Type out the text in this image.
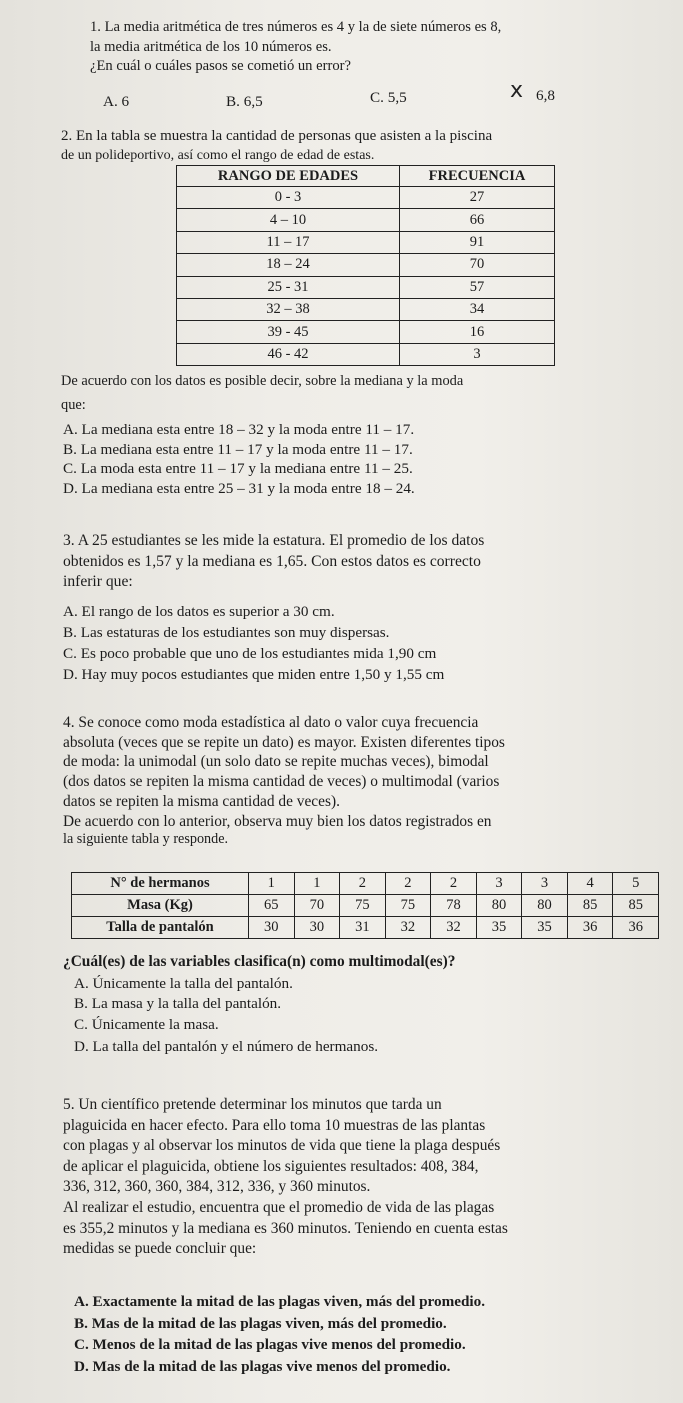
1. La media aritmética de tres números es 4 y la de siete números es 8,
la media aritmética de los 10 números es.
¿En cuál o cuáles pasos se cometió un error?
A. 6	B. 6,5	C. 5,5	ⅹ 6,8
2. En la tabla se muestra la cantidad de personas que asisten a la piscina
de un polideportivo, así como el rango de edad de estas.
RANGO DE EDADES	FRECUENCIA
0 - 3	27
4 – 10	66
11 – 17	91
18 – 24	70
25 - 31	57
32 – 38	34
39 - 45	16
46 - 42	3
De acuerdo con los datos es posible decir, sobre la mediana y la moda
que:
A. La mediana esta entre 18 – 32 y la moda entre 11 – 17.
B. La mediana esta entre 11 – 17 y la moda entre 11 – 17.
C. La moda esta entre 11 – 17 y la mediana entre 11 – 25.
D. La mediana esta entre 25 – 31 y la moda entre 18 – 24.
3. A 25 estudiantes se les mide la estatura. El promedio de los datos
obtenidos es 1,57 y la mediana es 1,65. Con estos datos es correcto
inferir que:
A. El rango de los datos es superior a 30 cm.
B. Las estaturas de los estudiantes son muy dispersas.
C. Es poco probable que uno de los estudiantes mida 1,90 cm
D. Hay muy pocos estudiantes que miden entre 1,50 y 1,55 cm
4. Se conoce como moda estadística al dato o valor cuya frecuencia
absoluta (veces que se repite un dato) es mayor. Existen diferentes tipos
de moda: la unimodal (un solo dato se repite muchas veces), bimodal
(dos datos se repiten la misma cantidad de veces) o multimodal (varios
datos se repiten la misma cantidad de veces).
De acuerdo con lo anterior, observa muy bien los datos registrados en
la siguiente tabla y responde.
N° de hermanos	1	1	2	2	2	3	3	4	5
Masa (Kg)	65	70	75	75	78	80	80	85	85
Talla de pantalón	30	30	31	32	32	35	35	36	36
¿Cuál(es) de las variables clasifica(n) como multimodal(es)?
A. Únicamente la talla del pantalón.
B. La masa y la talla del pantalón.
C. Únicamente la masa.
D. La talla del pantalón y el número de hermanos.
5. Un científico pretende determinar los minutos que tarda un
plaguicida en hacer efecto. Para ello toma 10 muestras de las plantas
con plagas y al observar los minutos de vida que tiene la plaga después
de aplicar el plaguicida, obtiene los siguientes resultados: 408, 384,
336, 312, 360, 360, 384, 312, 336, y 360 minutos.
Al realizar el estudio, encuentra que el promedio de vida de las plagas
es 355,2 minutos y la mediana es 360 minutos. Teniendo en cuenta estas
medidas se puede concluir que:
A. Exactamente la mitad de las plagas viven, más del promedio.
B. Mas de la mitad de las plagas viven, más del promedio.
C. Menos de la mitad de las plagas vive menos del promedio.
D. Mas de la mitad de las plagas vive menos del promedio.
